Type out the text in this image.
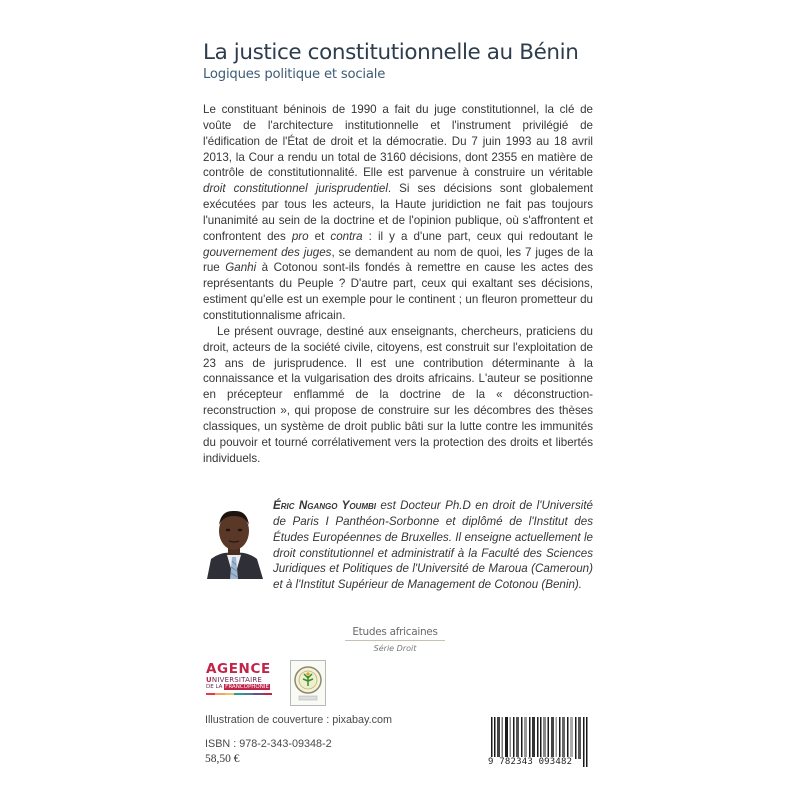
La justice constitutionnelle au Bénin
Logiques politique et sociale

Le constituant béninois de 1990 a fait du juge constitutionnel, la clé de voûte de l'architecture institutionnelle et l'instrument privilégié de l'édification de l'État de droit et la démocratie. Du 7 juin 1993 au 18 avril 2013, la Cour a rendu un total de 3160 décisions, dont 2355 en matière de contrôle de constitutionnalité. Elle est parvenue à construire un véritable droit constitutionnel jurisprudentiel. Si ses décisions sont globalement exécutées par tous les acteurs, la Haute juridiction ne fait pas toujours l'unanimité au sein de la doctrine et de l'opinion publique, où s'affrontent et confrontent des pro et contra : il y a d'une part, ceux qui redoutant le gouvernement des juges, se demandent au nom de quoi, les 7 juges de la rue Ganhi à Cotonou sont-ils fondés à remettre en cause les actes des représentants du Peuple ? D'autre part, ceux qui exaltant ses décisions, estiment qu'elle est un exemple pour le continent ; un fleuron prometteur du constitutionnalisme africain.

Le présent ouvrage, destiné aux enseignants, chercheurs, praticiens du droit, acteurs de la société civile, citoyens, est construit sur l'exploitation de 23 ans de jurisprudence. Il est une contribution déterminante à la connaissance et la vulgarisation des droits africains. L'auteur se positionne en précepteur enflammé de la doctrine de la « déconstruction-reconstruction », qui propose de construire sur les décombres des thèses classiques, un système de droit public bâti sur la lutte contre les immunités du pouvoir et tourné corrélativement vers la protection des droits et libertés individuels.

Éric Ngango Youmbi est Docteur Ph.D en droit de l'Université de Paris I Panthéon-Sorbonne et diplômé de l'Institut des Études Européennes de Bruxelles. Il enseigne actuellement le droit constitutionnel et administratif à la Faculté des Sciences Juridiques et Politiques de l'Université de Maroua (Cameroun) et à l'Institut Supérieur de Management de Cotonou (Benin).
Etudes africaines
Série Droit
AGENCE
UNIVERSITAIRE
DE LA FRANCOPHONIE
Illustration de couverture : pixabay.com
ISBN : 978-2-343-09348-2
58,50 €	9 782343 093482
